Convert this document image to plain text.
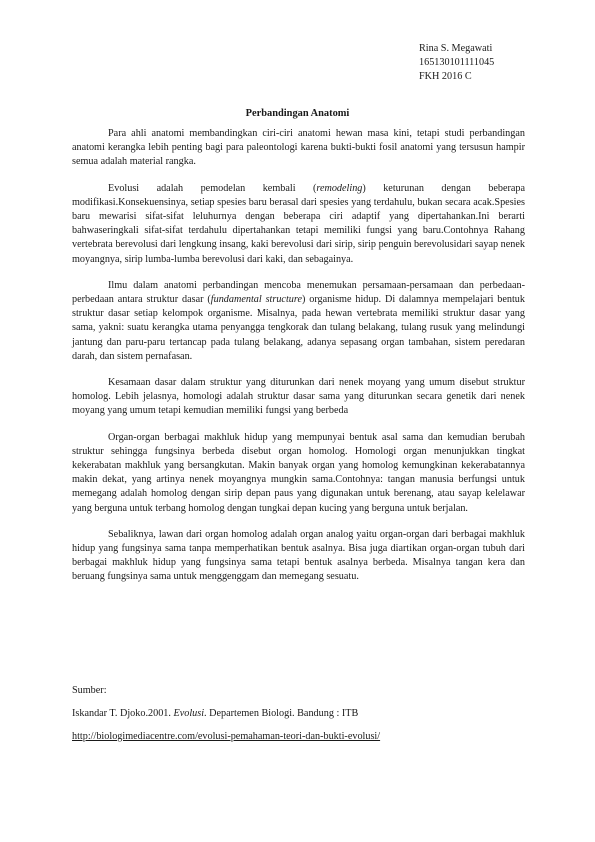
Rina S. Megawati
165130101111045
FKH 2016 C
Perbandingan Anatomi

Para ahli anatomi membandingkan ciri-ciri anatomi hewan masa kini, tetapi studi perbandingan anatomi kerangka lebih penting bagi para paleontologi karena bukti-bukti fosil anatomi yang tersusun hampir semua adalah material rangka.

Evolusi adalah pemodelan kembali (remodeling) keturunan dengan beberapa modifikasi.Konsekuensinya, setiap spesies baru berasal dari spesies yang terdahulu, bukan secara acak.Spesies baru mewarisi sifat-sifat leluhurnya dengan beberapa ciri adaptif yang dipertahankan.Ini berarti bahwaseringkali sifat-sifat terdahulu dipertahankan tetapi memiliki fungsi yang baru.Contohnya Rahang vertebrata berevolusi dari lengkung insang, kaki berevolusi dari sirip, sirip penguin berevolusidari sayap nenek moyangnya, sirip lumba-lumba berevolusi dari kaki, dan sebagainya.

Ilmu dalam anatomi perbandingan mencoba menemukan persamaan-persamaan dan perbedaan-perbedaan antara struktur dasar (fundamental structure) organisme hidup. Di dalamnya mempelajari bentuk struktur dasar setiap kelompok organisme. Misalnya, pada hewan vertebrata memiliki struktur dasar yang sama, yakni: suatu kerangka utama penyangga tengkorak dan tulang belakang, tulang rusuk yang melindungi jantung dan paru-paru tertancap pada tulang belakang, adanya sepasang organ tambahan, sistem peredaran darah, dan sistem pernafasan.

Kesamaan dasar dalam struktur yang diturunkan dari nenek moyang yang umum disebut struktur homolog. Lebih jelasnya, homologi adalah struktur dasar sama yang diturunkan secara genetik dari nenek moyang yang umum tetapi kemudian memiliki fungsi yang berbeda

Organ-organ berbagai makhluk hidup yang mempunyai bentuk asal sama dan kemudian berubah struktur sehingga fungsinya berbeda disebut organ homolog. Homologi organ menunjukkan tingkat kekerabatan makhluk yang bersangkutan. Makin banyak organ yang homolog kemungkinan kekerabatannya makin dekat, yang artinya nenek moyangnya mungkin sama.Contohnya: tangan manusia berfungsi untuk memegang adalah homolog dengan sirip depan paus yang digunakan untuk berenang, atau sayap kelelawar yang berguna untuk terbang homolog dengan tungkai depan kucing yang berguna untuk berjalan.

Sebaliknya, lawan dari organ homolog adalah organ analog yaitu organ-organ dari berbagai makhluk hidup yang fungsinya sama tanpa memperhatikan bentuk asalnya. Bisa juga diartikan organ-organ tubuh dari berbagai makhluk hidup yang fungsinya sama tetapi bentuk asalnya berbeda. Misalnya tangan kera dan beruang fungsinya sama untuk menggenggam dan memegang sesuatu.

Sumber:

Iskandar T. Djoko.2001. Evolusi. Departemen Biologi. Bandung : ITB

http://biologimediacentre.com/evolusi-pemahaman-teori-dan-bukti-evolusi/
